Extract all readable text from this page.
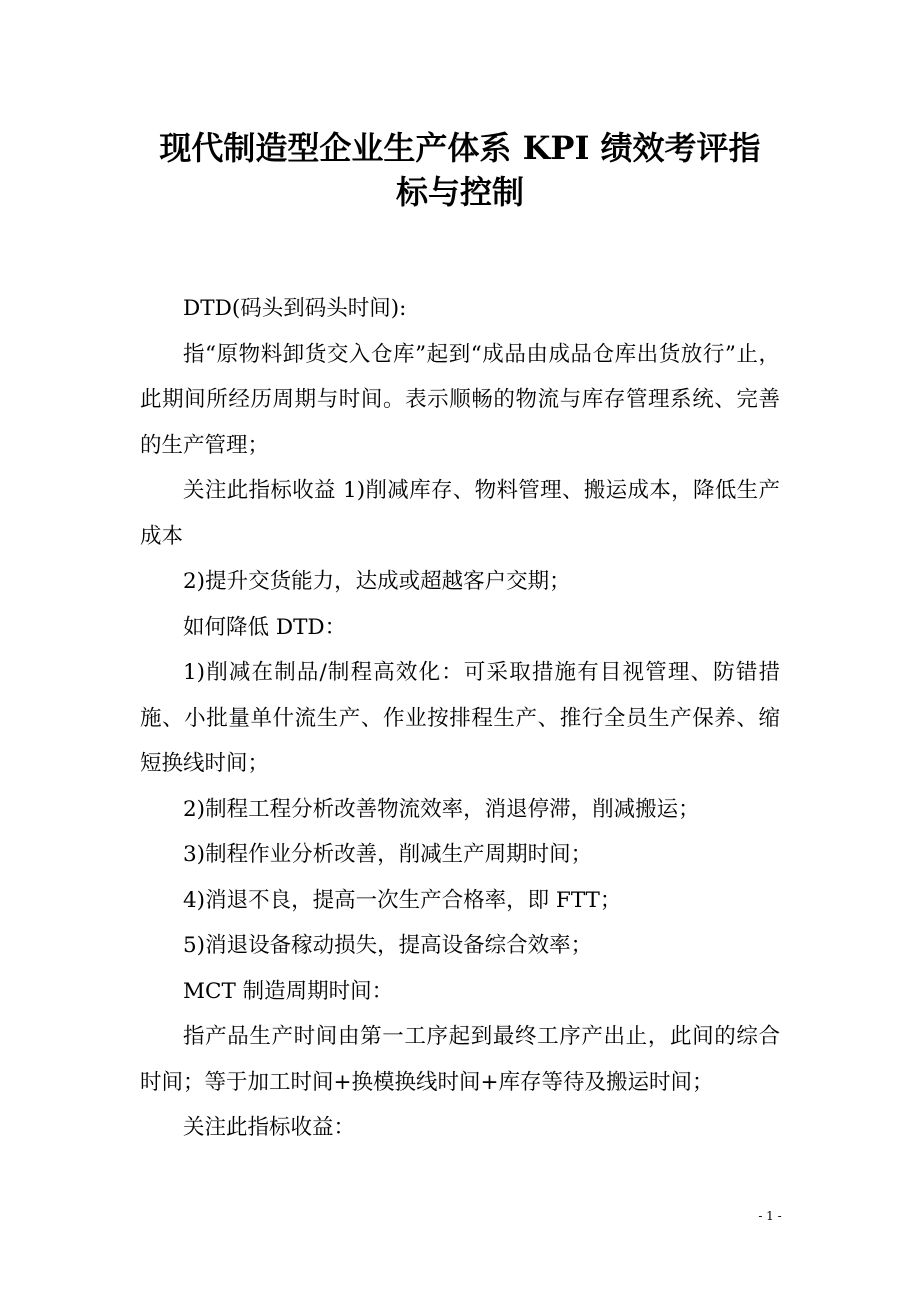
现代制造型企业生产体系 KPI 绩效考评指
标与控制

DTD(码头到码头时间):

指“原物料卸货交入仓库”起到“成品由成品仓库出货放行”止，此期间所经历周期与时间。表示顺畅的物流与库存管理系统、完善的生产管理；

关注此指标收益 1)削减库存、物料管理、搬运成本，降低生产成本

2)提升交货能力，达成或超越客户交期；

如何降低 DTD：

1)削减在制品/制程高效化：可采取措施有目视管理、防错措施、小批量单什流生产、作业按排程生产、推行全员生产保养、缩短换线时间；

2)制程工程分析改善物流效率，消退停滞，削减搬运；

3)制程作业分析改善，削减生产周期时间；

4)消退不良，提高一次生产合格率，即 FTT；

5)消退设备稼动损失，提高设备综合效率；

MCT 制造周期时间：

指产品生产时间由第一工序起到最终工序产出止，此间的综合时间；等于加工时间+换模换线时间+库存等待及搬运时间；

关注此指标收益：

- 1 -
